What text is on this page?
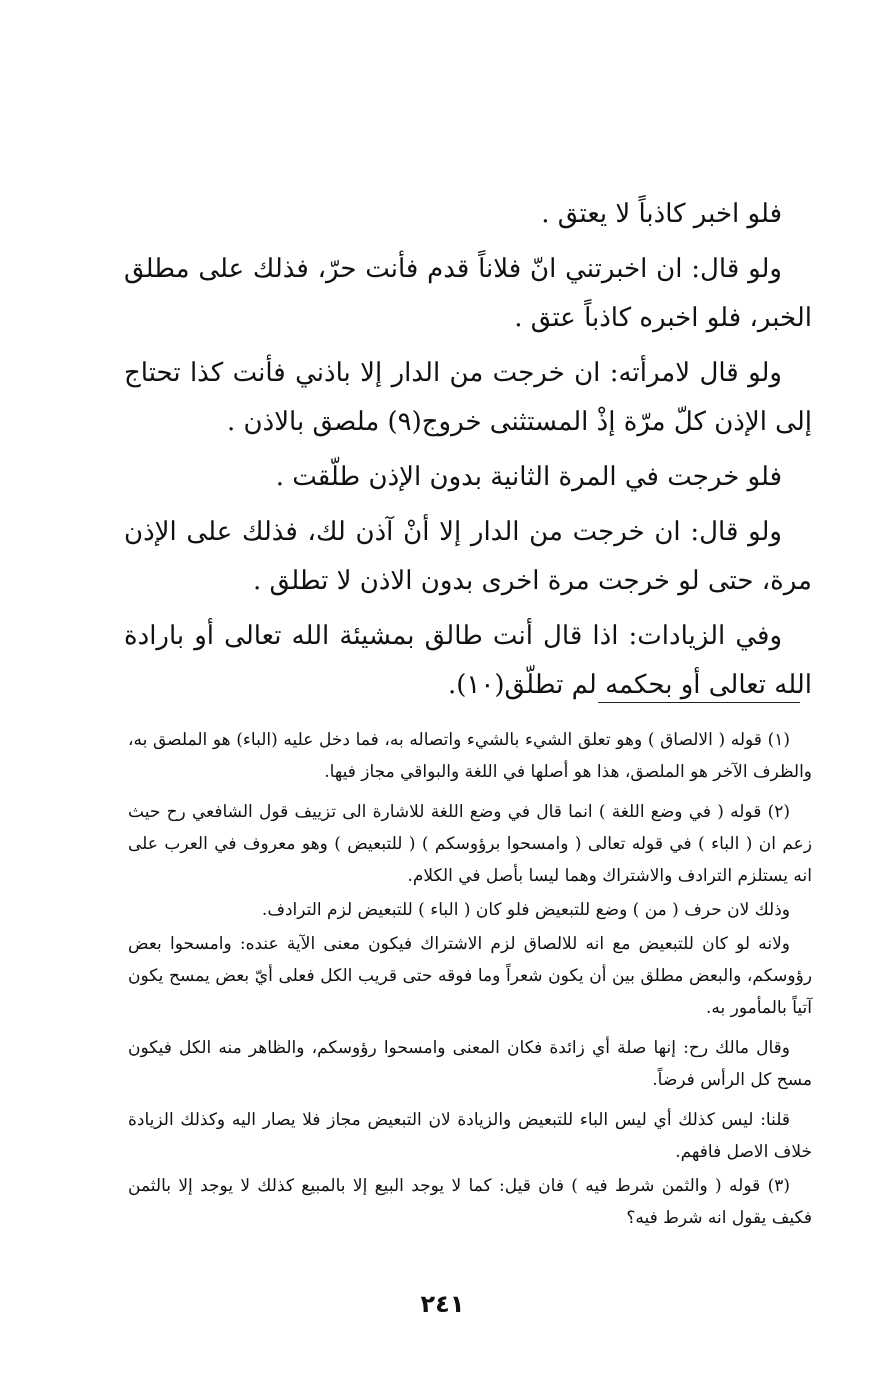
فلو اخبر كاذباً لا يعتق .

ولو قال: ان اخبرتني انّ فلاناً قدم فأنت حرّ، فذلك على مطلق الخبر، فلو اخبره كاذباً عتق .

ولو قال لامرأته: ان خرجت من الدار إلا باذني فأنت كذا تحتاج إلى الإذن كلّ مرّة إذْ المستثنى خروج(٩) ملصق بالاذن .

فلو خرجت في المرة الثانية بدون الإذن طلّقت .

ولو قال: ان خرجت من الدار إلا أنْ آذن لك، فذلك على الإذن مرة، حتى لو خرجت مرة اخرى بدون الاذن لا تطلق .

وفي الزيادات: اذا قال أنت طالق بمشيئة الله تعالى أو بارادة الله تعالى أو بحكمه لم تطلّق(١٠).

(١) قوله ( الالصاق ) وهو تعلق الشيء بالشيء واتصاله به، فما دخل عليه (الباء) هو الملصق به، والظرف الآخر هو الملصق، هذا هو أصلها في اللغة والبواقي مجاز فيها.

(٢) قوله ( في وضع اللغة ) انما قال في وضع اللغة للاشارة الى تزييف قول الشافعي رح حيث زعم ان ( الباء ) في قوله تعالى ( وامسحوا برؤوسكم ) ( للتبعيض ) وهو معروف في العرب على انه يستلزم الترادف والاشتراك وهما ليسا بأصل في الكلام.

وذلك لان حرف ( من ) وضع للتبعيض فلو كان ( الباء ) للتبعيض لزم الترادف.

ولانه لو كان للتبعيض مع انه للالصاق لزم الاشتراك فيكون معنى الآية عنده: وامسحوا بعض رؤوسكم، والبعض مطلق بين أن يكون شعراً وما فوقه حتى قريب الكل فعلى أيّ بعض يمسح يكون آتياً بالمأمور به.

وقال مالك رح: إنها صلة أي زائدة فكان المعنى وامسحوا رؤوسكم، والظاهر منه الكل فيكون مسح كل الرأس فرضاً.

قلنا: ليس كذلك أي ليس الباء للتبعيض والزيادة لان التبعيض مجاز فلا يصار اليه وكذلك الزيادة خلاف الاصل فافهم.

(٣) قوله ( والثمن شرط فيه ) فان قيل: كما لا يوجد البيع إلا بالمبيع كذلك لا يوجد إلا بالثمن فكيف يقول انه شرط فيه؟

٢٤١
